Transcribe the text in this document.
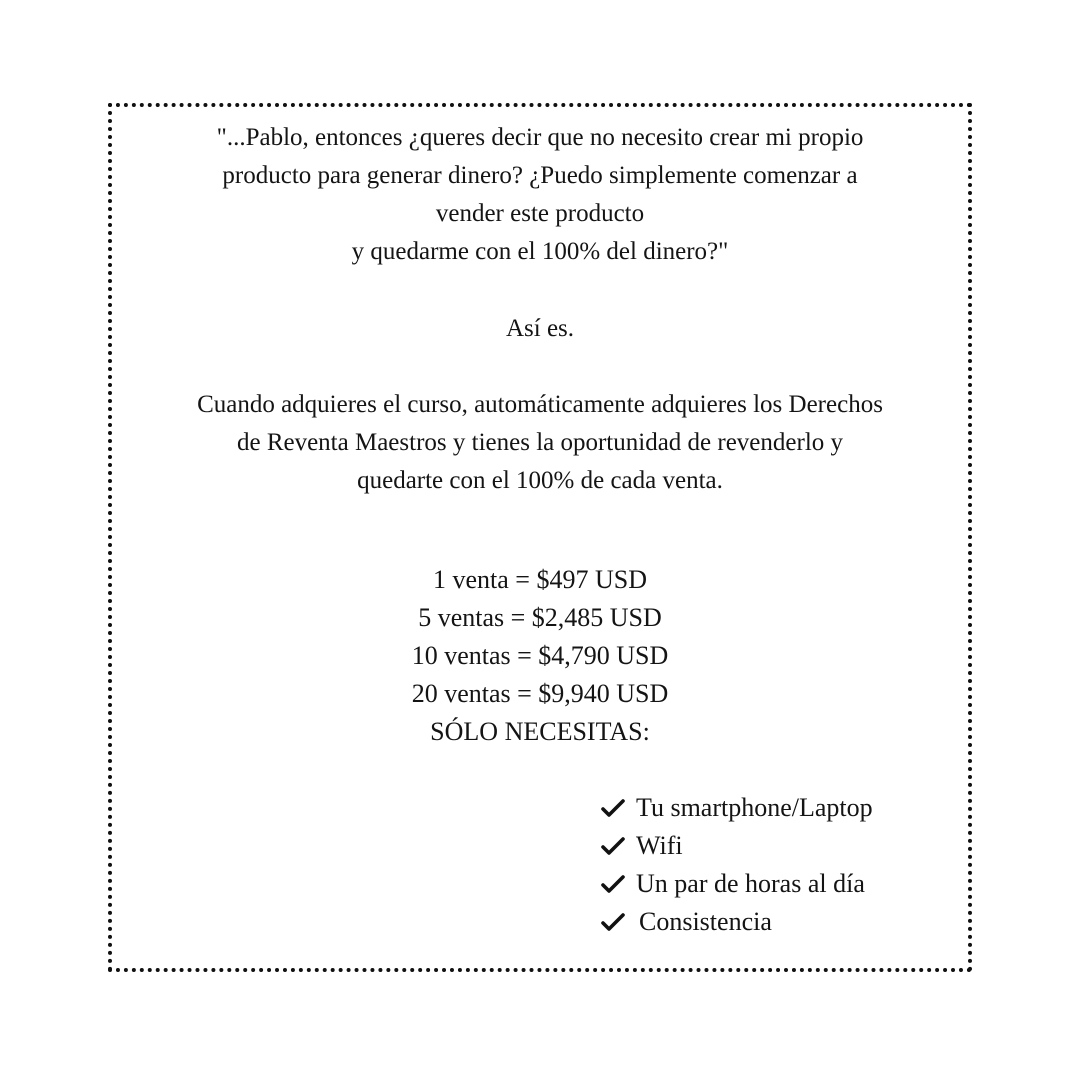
"...Pablo, entonces ¿queres decir que no necesito crear mi propio
producto para generar dinero? ¿Puedo simplemente comenzar a
vender este producto
y quedarme con el 100% del dinero?"
Así es.
Cuando adquieres el curso, automáticamente adquieres los Derechos
de Reventa Maestros y tienes la oportunidad de revenderlo y
quedarte con el 100% de cada venta.
1 venta = $497 USD
5 ventas = $2,485 USD
10 ventas = $4,790 USD
20 ventas = $9,940 USD
SÓLO NECESITAS:
Tu smartphone/Laptop
Wifi
Un par de horas al día
Consistencia
